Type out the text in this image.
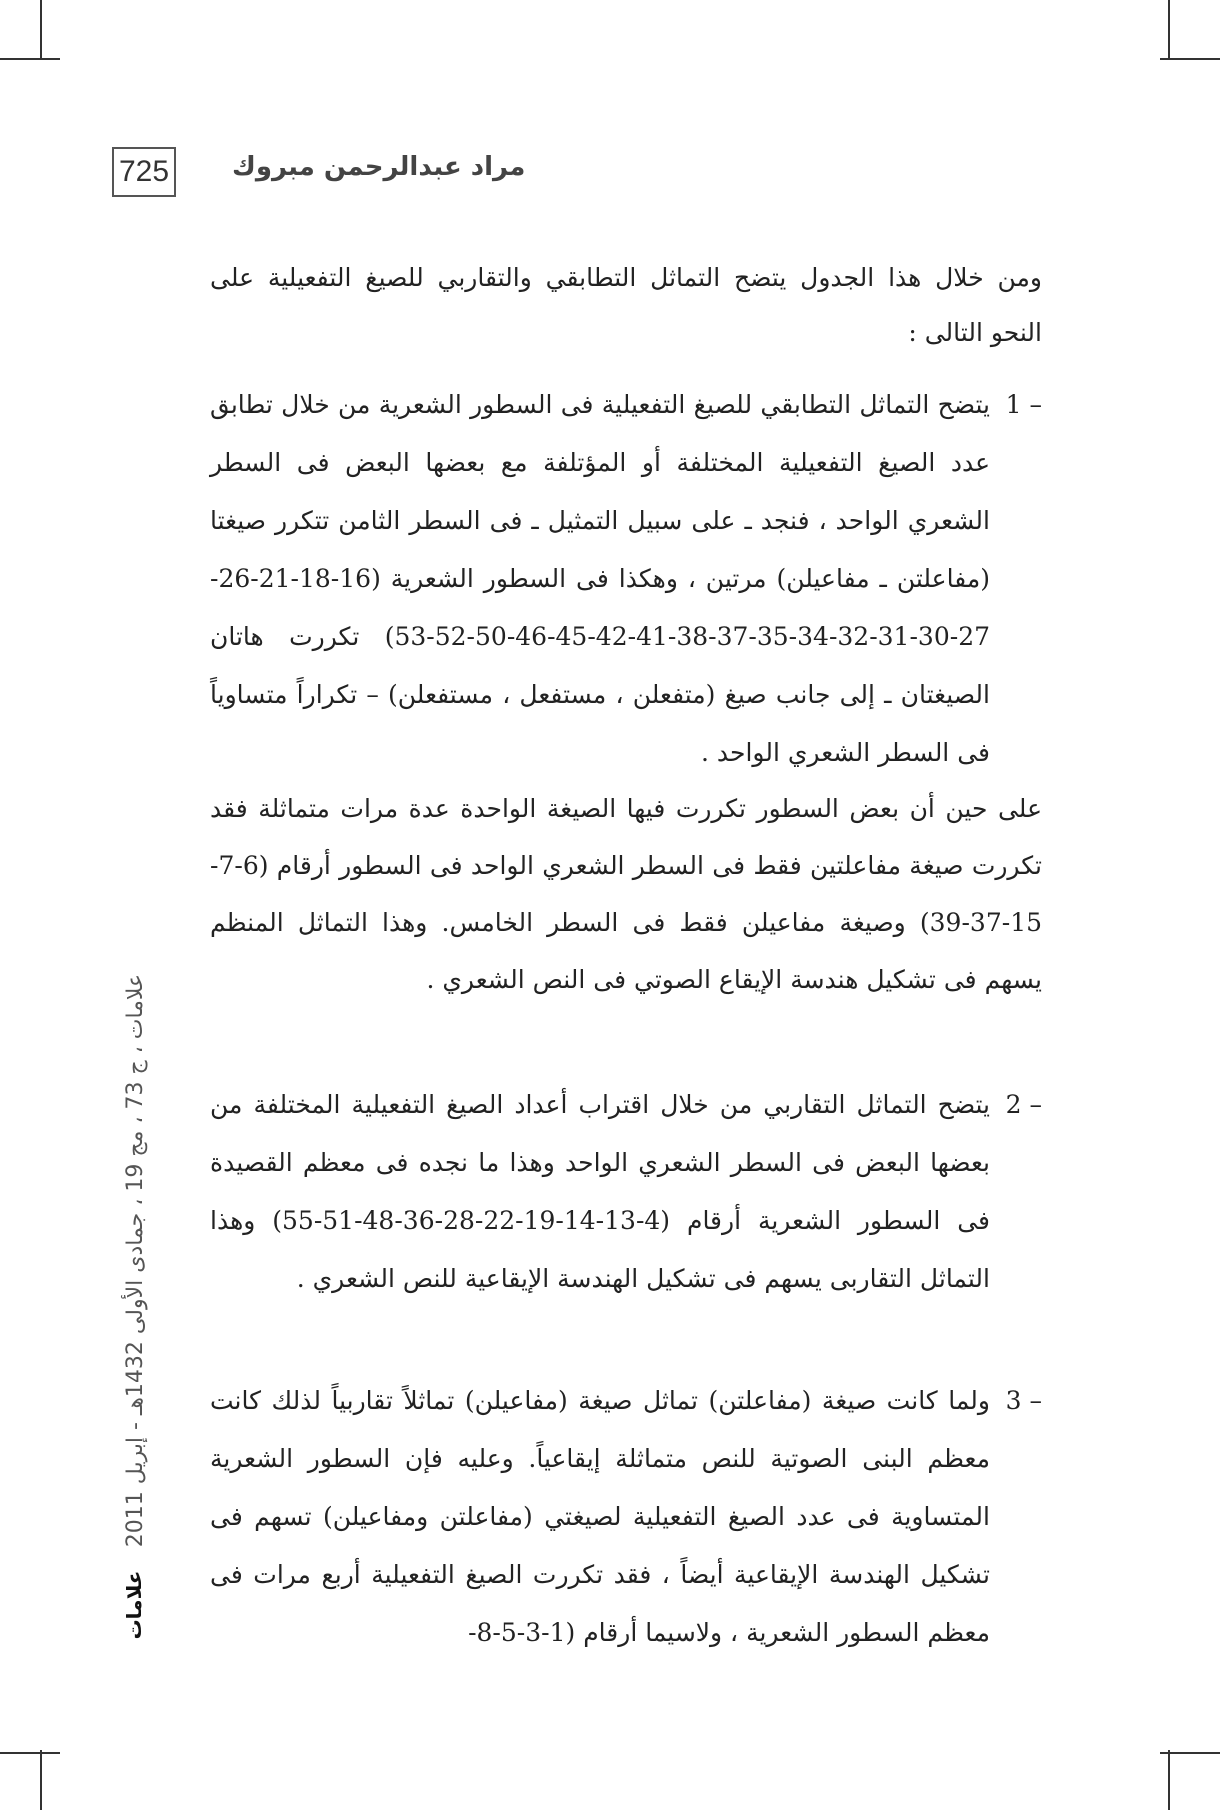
725 مراد عبدالرحمن مبروك
ومن خلال هذا الجدول يتضح التماثل التطابقي والتقاربي للصيغ التفعيلية على النحو التالى :
1 –
يتضح التماثل التطابقي للصيغ التفعيلية فى السطور الشعرية من خلال تطابق عدد الصيغ التفعيلية المختلفة أو المؤتلفة مع بعضها البعض فى السطر الشعري الواحد ، فنجد ـ على سبيل التمثيل ـ فى السطر الثامن تتكرر صيغتا (مفاعلتن ـ مفاعيلن) مرتين ، وهكذا فى السطور الشعرية (16-18-21-26-27-30-31-32-34-35-37-38-41-42-45-46-50-52-53) تكررت هاتان الصيغتان ـ إلى جانب صيغ (متفعلن ، مستفعل ، مستفعلن) – تكراراً متساوياً فى السطر الشعري الواحد .
على حين أن بعض السطور تكررت فيها الصيغة الواحدة عدة مرات متماثلة فقد تكررت صيغة مفاعلتين فقط فى السطر الشعري الواحد فى السطور أرقام (6-7-15-37-39) وصيغة مفاعيلن فقط فى السطر الخامس. وهذا التماثل المنظم يسهم فى تشكيل هندسة الإيقاع الصوتي فى النص الشعري .
2 –
يتضح التماثل التقاربي من خلال اقتراب أعداد الصيغ التفعيلية المختلفة من بعضها البعض فى السطر الشعري الواحد وهذا ما نجده فى معظم القصيدة فى السطور الشعرية أرقام (4-13-14-19-22-28-36-48-51-55) وهذا التماثل التقاربى يسهم فى تشكيل الهندسة الإيقاعية للنص الشعري .
3 –
ولما كانت صيغة (مفاعلتن) تماثل صيغة (مفاعيلن) تماثلاً تقاربياً لذلك كانت معظم البنى الصوتية للنص متماثلة إيقاعياً. وعليه فإن السطور الشعرية المتساوية فى عدد الصيغ التفعيلية لصيغتي (مفاعلتن ومفاعيلن) تسهم فى تشكيل الهندسة الإيقاعية أيضاً ، فقد تكررت الصيغ التفعيلية أربع مرات فى معظم السطور الشعرية ، ولاسيما أرقام (1-3-5-8-
علامات ، ج 73 ، مج 19 ، جمادى الأولى 1432هـ - إبريل 2011
علامات
